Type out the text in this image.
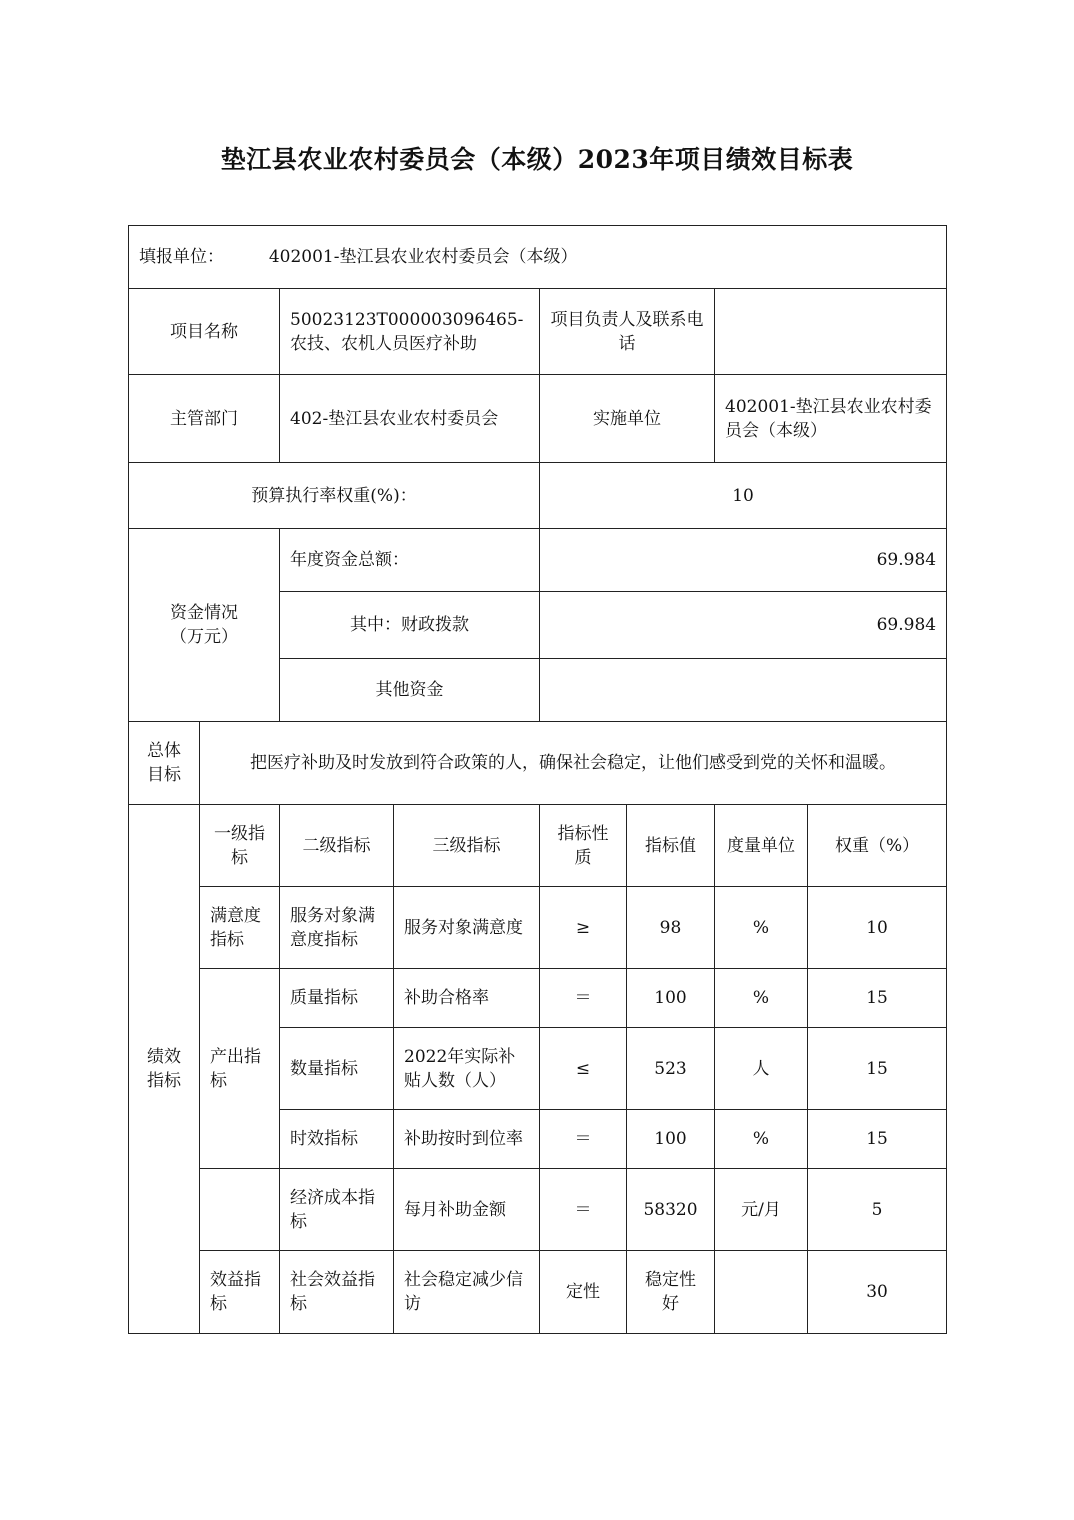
垫江县农业农村委员会（本级）2023年项目绩效目标表
填报单位： 402001-垫江县农业农村委员会（本级）							
项目名称		50023123T000003096465-农技、农机人员医疗补助		项目负责人及联系电话			
主管部门		402-垫江县农业农村委员会		实施单位		402001-垫江县农业农村委员会（本级）	
预算执行率权重(%)：				10			
资金情况（万元）		年度资金总额：		69.984			
		其中：财政拨款		69.984			
		其他资金					
总体目标	把医疗补助及时发放到符合政策的人，确保社会稳定，让他们感受到党的关怀和温暖。						
绩效指标	一级指标	二级指标	三级指标	指标性质	指标值	度量单位	权重（%）
	满意度指标	服务对象满意度指标	服务对象满意度	≥	98	%	10
	产出指标	质量指标	补助合格率	＝	100	%	15
		数量指标	2022年实际补贴人数（人）	≤	523	人	15
		时效指标	补助按时到位率	＝	100	%	15
		经济成本指标	每月补助金额	＝	58320	元/月	5
	效益指标	社会效益指标	社会稳定减少信访	定性	稳定性好		30
